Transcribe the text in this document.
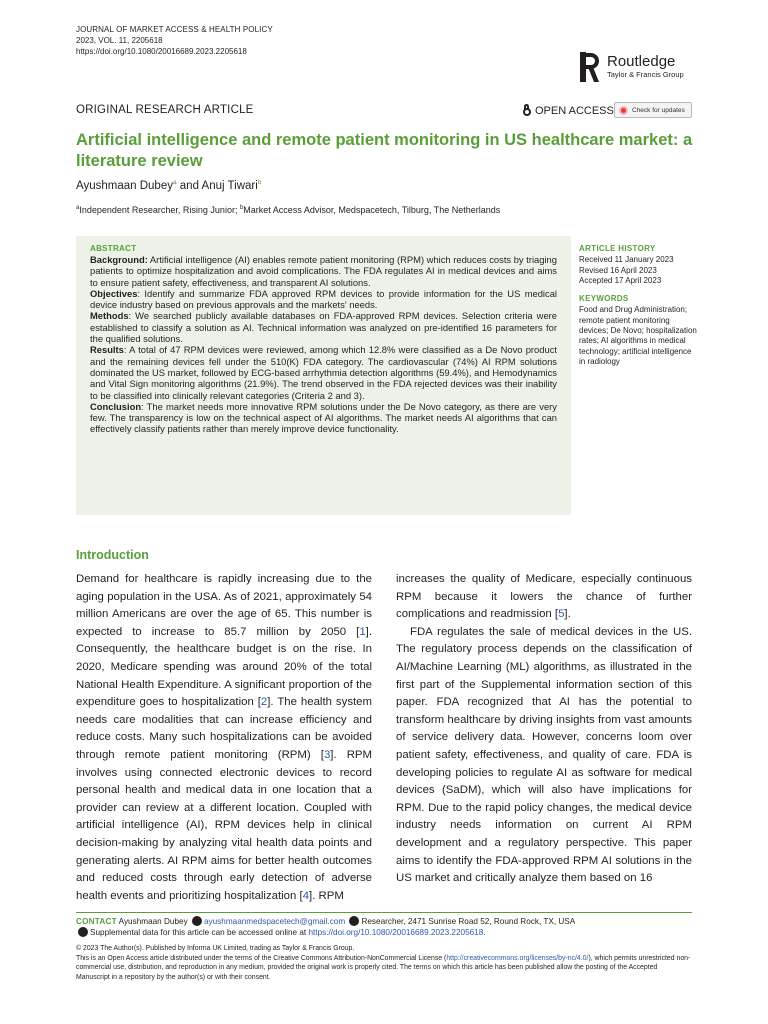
JOURNAL OF MARKET ACCESS & HEALTH POLICY
2023, VOL. 11, 2205618
https://doi.org/10.1080/20016689.2023.2205618
Routledge
Taylor & Francis Group
ORIGINAL RESEARCH ARTICLE	OPEN ACCESS	Check for updates
Artificial intelligence and remote patient monitoring in US healthcare market: a literature review
Ayushmaan Dubey$^a$ and Anuj Tiwari$^b$
$^a$Independent Researcher, Rising Junior; $^b$Market Access Advisor, Medspacetech, Tilburg, The Netherlands
ABSTRACT
Background: Artificial intelligence (AI) enables remote patient monitoring (RPM) which reduces costs by triaging patients to optimize hospitalization and avoid complications. The FDA regulates AI in medical devices and aims to ensure patient safety, effectiveness, and transparent AI solutions.
Objectives: Identify and summarize FDA approved RPM devices to provide information for the US medical device industry based on previous approvals and the markets' needs.
Methods: We searched publicly available databases on FDA-approved RPM devices. Selection criteria were established to classify a solution as AI. Technical information was analyzed on pre-identified 16 parameters for the qualified solutions.
Results: A total of 47 RPM devices were reviewed, among which 12.8% were classified as a De Novo product and the remaining devices fell under the 510(K) FDA category. The cardiovascular (74%) AI RPM solutions dominated the US market, followed by ECG-based arrhythmia detection algorithms (59.4%), and Hemodynamics and Vital Sign monitoring algorithms (21.9%). The trend observed in the FDA rejected devices was their inability to be classified into clinically relevant categories (Criteria 2 and 3).
Conclusion: The market needs more innovative RPM solutions under the De Novo category, as there are very few. The transparency is low on the technical aspect of AI algorithms. The market needs AI algorithms that can effectively classify patients rather than merely improve device functionality.
ARTICLE HISTORY
Received 11 January 2023
Revised 16 April 2023
Accepted 17 April 2023
KEYWORDS
Food and Drug Administration; remote patient monitoring devices; De Novo; hospitalization rates; AI algorithms in medical technology; artificial intelligence in radiology
Introduction

Demand for healthcare is rapidly increasing due to the aging population in the USA. As of 2021, approximately 54 million Americans are over the age of 65. This number is expected to increase to 85.7 million by 2050 [1]. Consequently, the healthcare budget is on the rise. In 2020, Medicare spending was around 20% of the total National Health Expenditure. A significant proportion of the expenditure goes to hospitalization [2]. The health system needs care modalities that can increase efficiency and reduce costs. Many such hospitalizations can be avoided through remote patient monitoring (RPM) [3]. RPM involves using connected electronic devices to record personal health and medical data in one location that a provider can review at a different location. Coupled with artificial intelligence (AI), RPM devices help in clinical decision-making by analyzing vital health data points and generating alerts. AI RPM aims for better health outcomes and reduced costs through early detection of adverse health events and prioritizing hospitalization [4]. RPM

increases the quality of Medicare, especially continuous RPM because it lowers the chance of further complications and readmission [5].

FDA regulates the sale of medical devices in the US. The regulatory process depends on the classification of AI/Machine Learning (ML) algorithms, as illustrated in the first part of the Supplemental information section of this paper. FDA recognized that AI has the potential to transform healthcare by driving insights from vast amounts of service delivery data. However, concerns loom over patient safety, effectiveness, and quality of care. FDA is developing policies to regulate AI as software for medical devices (SaDM), which will also have implications for RPM. Due to the rapid policy changes, the medical device industry needs information on current AI RPM development and a regulatory perspective. This paper aims to identify the FDA-approved RPM AI solutions in the US market and critically analyze them based on 16

CONTACT Ayushmaan Dubey ayushmaanmedspacetech@gmail.com Researcher, 2471 Sunrise Road 52, Round Rock, TX, USA
Supplemental data for this article can be accessed online at https://doi.org/10.1080/20016689.2023.2205618.
© 2023 The Author(s). Published by Informa UK Limited, trading as Taylor & Francis Group.
This is an Open Access article distributed under the terms of the Creative Commons Attribution-NonCommercial License (http://creativecommons.org/licenses/by-nc/4.0/), which permits unrestricted non-commercial use, distribution, and reproduction in any medium, provided the original work is properly cited. The terms on which this article has been published allow the posting of the Accepted Manuscript in a repository by the author(s) or with their consent.
